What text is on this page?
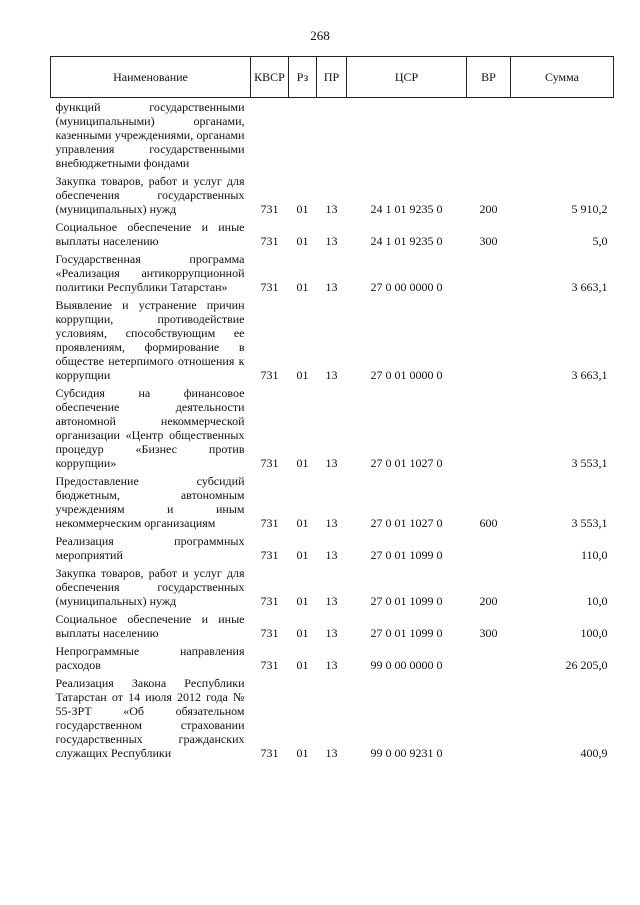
268
Наименование	КВСР	Рз	ПР	ЦСР	ВР	Сумма
функций государственными (муниципальными) органами, казенными учреждениями, органами управления государственными внебюджетными фондами						
Закупка товаров, работ и услуг для обеспечения государственных (муниципальных) нужд	731	01	13	24 1 01 9235 0	200	5 910,2
Социальное обеспечение и иные выплаты населению	731	01	13	24 1 01 9235 0	300	5,0
Государственная программа «Реализация антикоррупционной политики Республики Татарстан»	731	01	13	27 0 00 0000 0		3 663,1
Выявление и устранение причин коррупции, противодействие условиям, способствующим ее проявлениям, формирование в обществе нетерпимого отношения к коррупции	731	01	13	27 0 01 0000 0		3 663,1
Субсидия на финансовое обеспечение деятельности автономной некоммерческой организации «Центр общественных процедур «Бизнес против коррупции»	731	01	13	27 0 01 1027 0		3 553,1
Предоставление субсидий бюджетным, автономным учреждениям и иным некоммерческим организациям	731	01	13	27 0 01 1027 0	600	3 553,1
Реализация программных мероприятий	731	01	13	27 0 01 1099 0		110,0
Закупка товаров, работ и услуг для обеспечения государственных (муниципальных) нужд	731	01	13	27 0 01 1099 0	200	10,0
Социальное обеспечение и иные выплаты населению	731	01	13	27 0 01 1099 0	300	100,0
Непрограммные направления расходов	731	01	13	99 0 00 0000 0		26 205,0
Реализация Закона Республики Татарстан от 14 июля 2012 года № 55-ЗРТ «Об обязательном государственном страховании государственных гражданских служащих Республики	731	01	13	99 0 00 9231 0		400,9
